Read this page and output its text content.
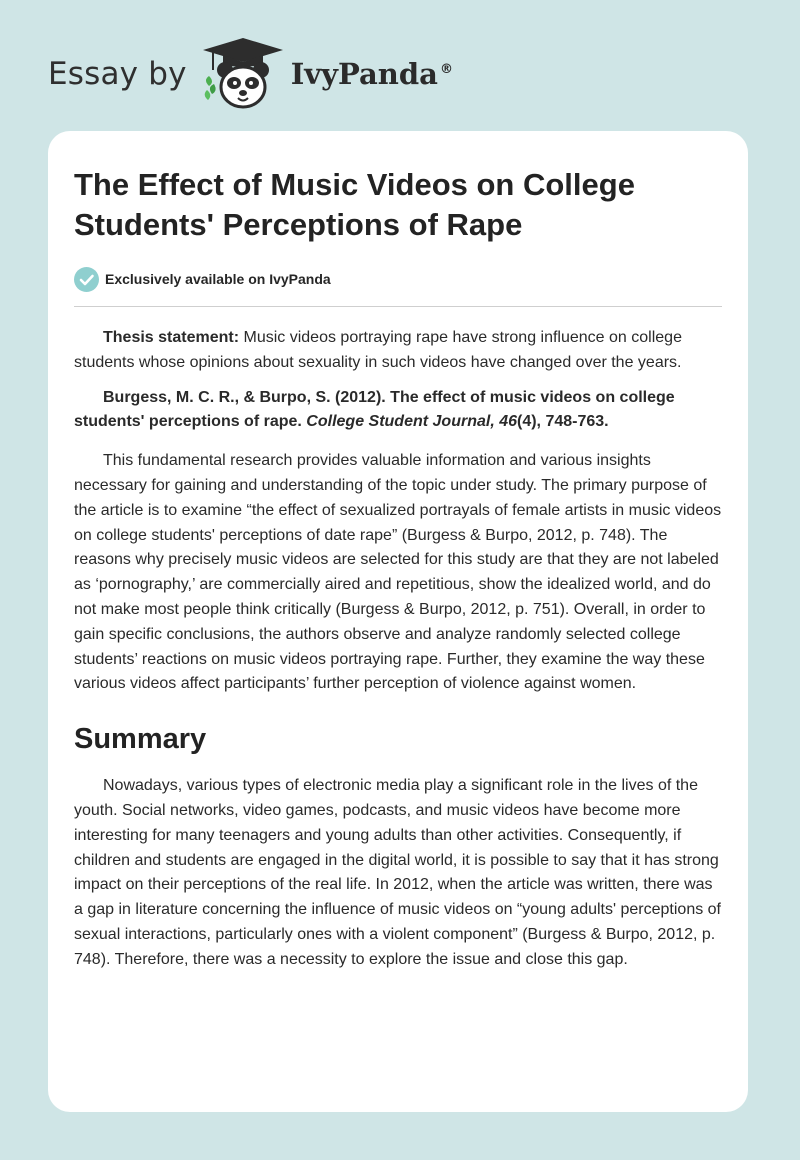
Essay by	IvyPanda ®
The Effect of Music Videos on College Students' Perceptions of Rape
Exclusively available on IvyPanda

Thesis statement: Music videos portraying rape have strong influence on college students whose opinions about sexuality in such videos have changed over the years.

Burgess, M. C. R., & Burpo, S. (2012). The effect of music videos on college students' perceptions of rape. College Student Journal, 46(4), 748-763.

This fundamental research provides valuable information and various insights necessary for gaining and understanding of the topic under study. The primary purpose of the article is to examine “the effect of sexualized portrayals of female artists in music videos on college students' perceptions of date rape” (Burgess & Burpo, 2012, p. 748). The reasons why precisely music videos are selected for this study are that they are not labeled as ‘pornography,’ are commercially aired and repetitious, show the idealized world, and do not make most people think critically (Burgess & Burpo, 2012, p. 751). Overall, in order to gain specific conclusions, the authors observe and analyze randomly selected college students’ reactions on music videos portraying rape. Further, they examine the way these various videos affect participants’ further perception of violence against women.

Summary

Nowadays, various types of electronic media play a significant role in the lives of the youth. Social networks, video games, podcasts, and music videos have become more interesting for many teenagers and young adults than other activities. Consequently, if children and students are engaged in the digital world, it is possible to say that it has strong impact on their perceptions of the real life. In 2012, when the article was written, there was a gap in literature concerning the influence of music videos on “young adults' perceptions of sexual interactions, particularly ones with a violent component” (Burgess & Burpo, 2012, p. 748). Therefore, there was a necessity to explore the issue and close this gap.
